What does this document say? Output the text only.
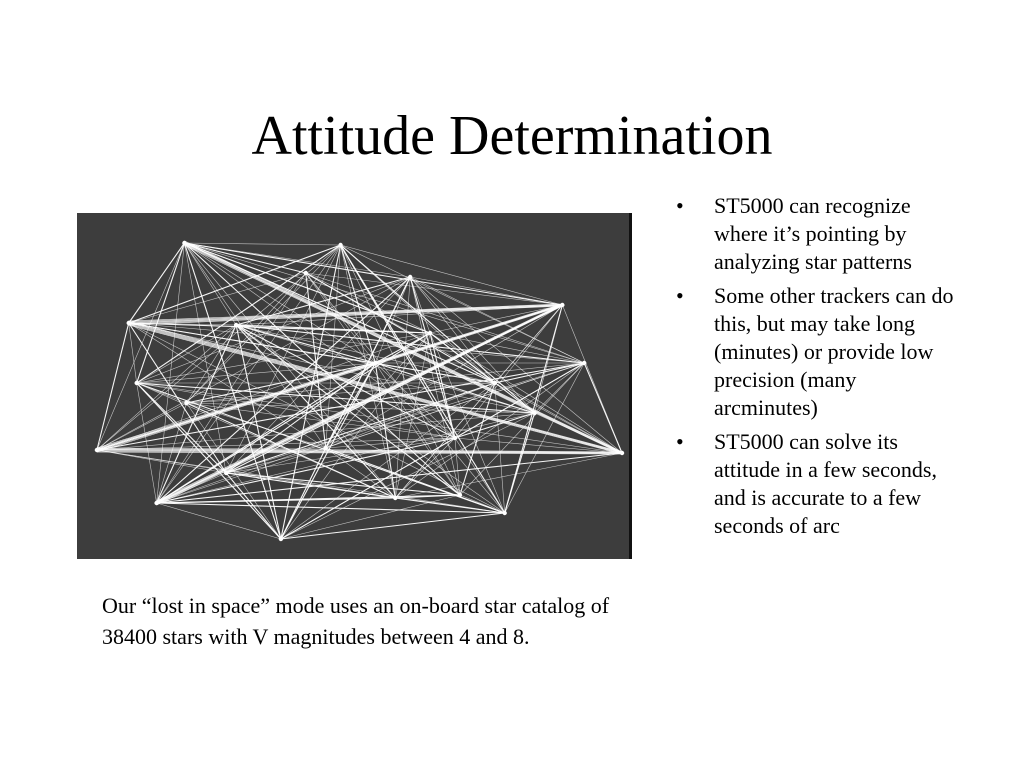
Attitude Determination

Our “lost in space” mode uses an on-board star catalog of 38400 stars with V magnitudes between 4 and 8.

• ST5000 can recognize where it’s pointing by analyzing star patterns
• Some other trackers can do this, but may take long (minutes) or provide low precision (many arcminutes)
• ST5000 can solve its attitude in a few seconds, and is accurate to a few seconds of arc
